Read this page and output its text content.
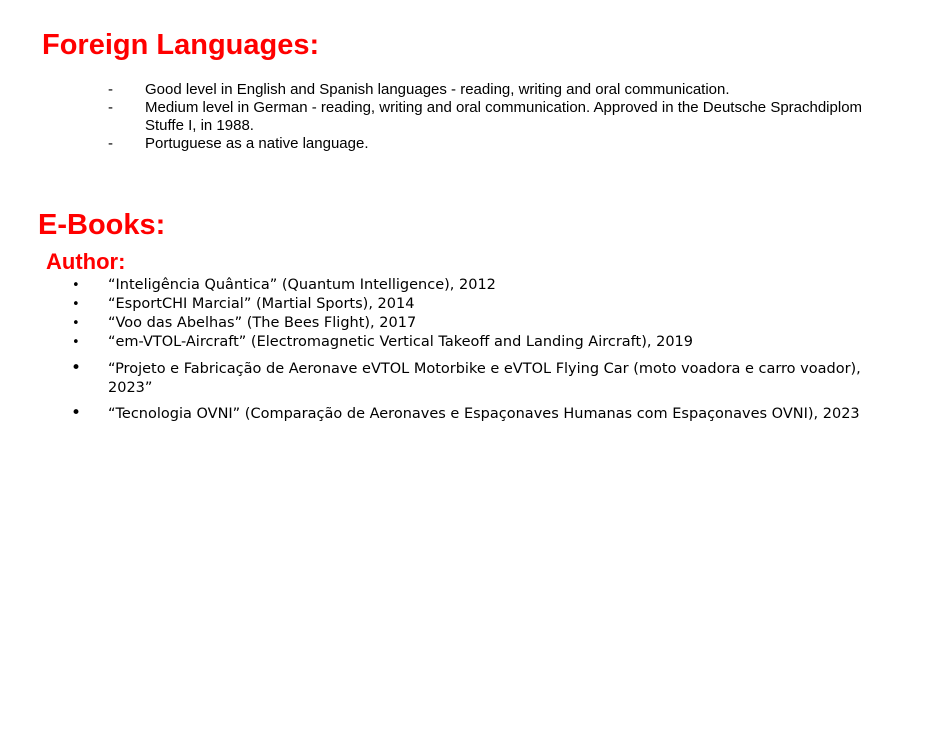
Foreign Languages:
- Good level in English and Spanish languages - reading, writing and oral communication.
- Medium level in German - reading, writing and oral communication. Approved in the Deutsche Sprachdiplom Stuffe I, in 1988.
- Portuguese as a native language.
E-Books:
Author:
• “Inteligência Quântica” (Quantum Intelligence), 2012
• “EsportCHI Marcial” (Martial Sports), 2014
• “Voo das Abelhas” (The Bees Flight), 2017
• “em-VTOL-Aircraft” (Electromagnetic Vertical Takeoff and Landing Aircraft), 2019
• “Projeto e Fabricação de Aeronave eVTOL Motorbike e eVTOL Flying Car (moto voadora e carro voador), 2023”
• “Tecnologia OVNI” (Comparação de Aeronaves e Espaçonaves Humanas com Espaçonaves OVNI), 2023
